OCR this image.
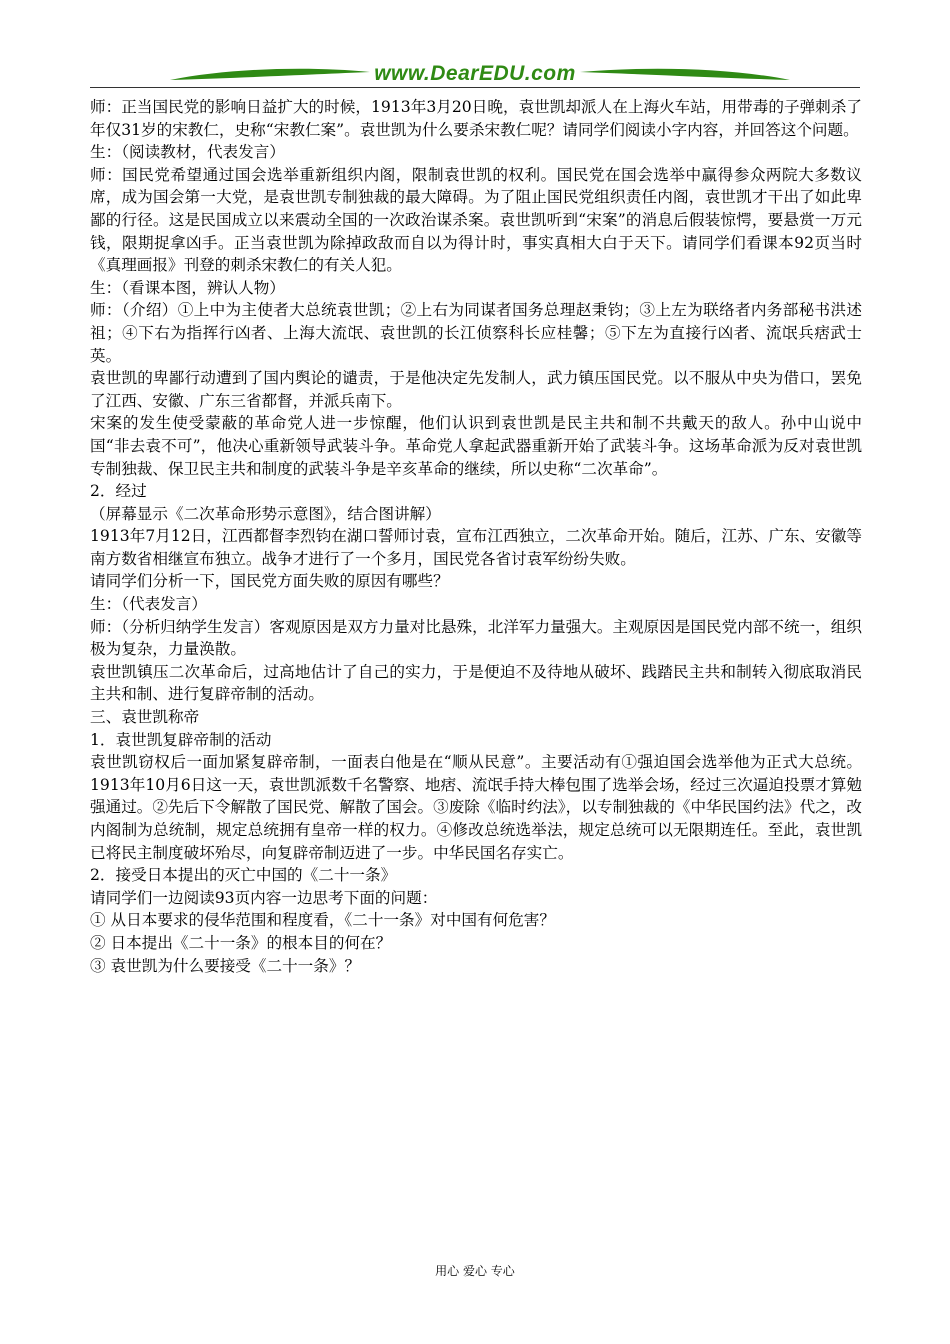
www.DearEDU.com

师：正当国民党的影响日益扩大的时候，1913年3月20日晚，袁世凯却派人在上海火车站，用带毒的子弹刺杀了年仅31岁的宋教仁，史称“宋教仁案”。袁世凯为什么要杀宋教仁呢？请同学们阅读小字内容，并回答这个问题。

生：（阅读教材，代表发言）

师：国民党希望通过国会选举重新组织内阁，限制袁世凯的权利。国民党在国会选举中赢得参众两院大多数议席，成为国会第一大党，是袁世凯专制独裁的最大障碍。为了阻止国民党组织责任内阁，袁世凯才干出了如此卑鄙的行径。这是民国成立以来震动全国的一次政治谋杀案。袁世凯听到“宋案”的消息后假装惊愕，要悬赏一万元钱，限期捉拿凶手。正当袁世凯为除掉政敌而自以为得计时，事实真相大白于天下。请同学们看课本92页当时《真理画报》刊登的刺杀宋教仁的有关人犯。

生：（看课本图，辨认人物）

师：（介绍）①上中为主使者大总统袁世凯；②上右为同谋者国务总理赵秉钧；③上左为联络者内务部秘书洪述祖；④下右为指挥行凶者、上海大流氓、袁世凯的长江侦察科长应桂馨；⑤下左为直接行凶者、流氓兵痞武士英。

袁世凯的卑鄙行动遭到了国内舆论的谴责，于是他决定先发制人，武力镇压国民党。以不服从中央为借口，罢免了江西、安徽、广东三省都督，并派兵南下。

宋案的发生使受蒙蔽的革命党人进一步惊醒，他们认识到袁世凯是民主共和制不共戴天的敌人。孙中山说中国“非去袁不可”，他决心重新领导武装斗争。革命党人拿起武器重新开始了武装斗争。这场革命派为反对袁世凯专制独裁、保卫民主共和制度的武装斗争是辛亥革命的继续，所以史称“二次革命”。

2．经过

（屏幕显示《二次革命形势示意图》，结合图讲解）

1913年7月12日，江西都督李烈钧在湖口誓师讨袁，宣布江西独立，二次革命开始。随后，江苏、广东、安徽等南方数省相继宣布独立。战争才进行了一个多月，国民党各省讨袁军纷纷失败。

请同学们分析一下，国民党方面失败的原因有哪些？

生：（代表发言）

师：（分析归纳学生发言）客观原因是双方力量对比悬殊，北洋军力量强大。主观原因是国民党内部不统一，组织极为复杂，力量涣散。

袁世凯镇压二次革命后，过高地估计了自己的实力，于是便迫不及待地从破坏、践踏民主共和制转入彻底取消民主共和制、进行复辟帝制的活动。

三、袁世凯称帝

1．袁世凯复辟帝制的活动

袁世凯窃权后一面加紧复辟帝制，一面表白他是在“顺从民意”。主要活动有①强迫国会选举他为正式大总统。1913年10月6日这一天，袁世凯派数千名警察、地痞、流氓手持大棒包围了选举会场，经过三次逼迫投票才算勉强通过。②先后下令解散了国民党、解散了国会。③废除《临时约法》，以专制独裁的《中华民国约法》代之，改内阁制为总统制，规定总统拥有皇帝一样的权力。④修改总统选举法，规定总统可以无限期连任。至此，袁世凯已将民主制度破坏殆尽，向复辟帝制迈进了一步。中华民国名存实亡。

2．接受日本提出的灭亡中国的《二十一条》

请同学们一边阅读93页内容一边思考下面的问题：

① 从日本要求的侵华范围和程度看，《二十一条》对中国有何危害？

② 日本提出《二十一条》的根本目的何在？

③ 袁世凯为什么要接受《二十一条》？

用心 爱心 专心
